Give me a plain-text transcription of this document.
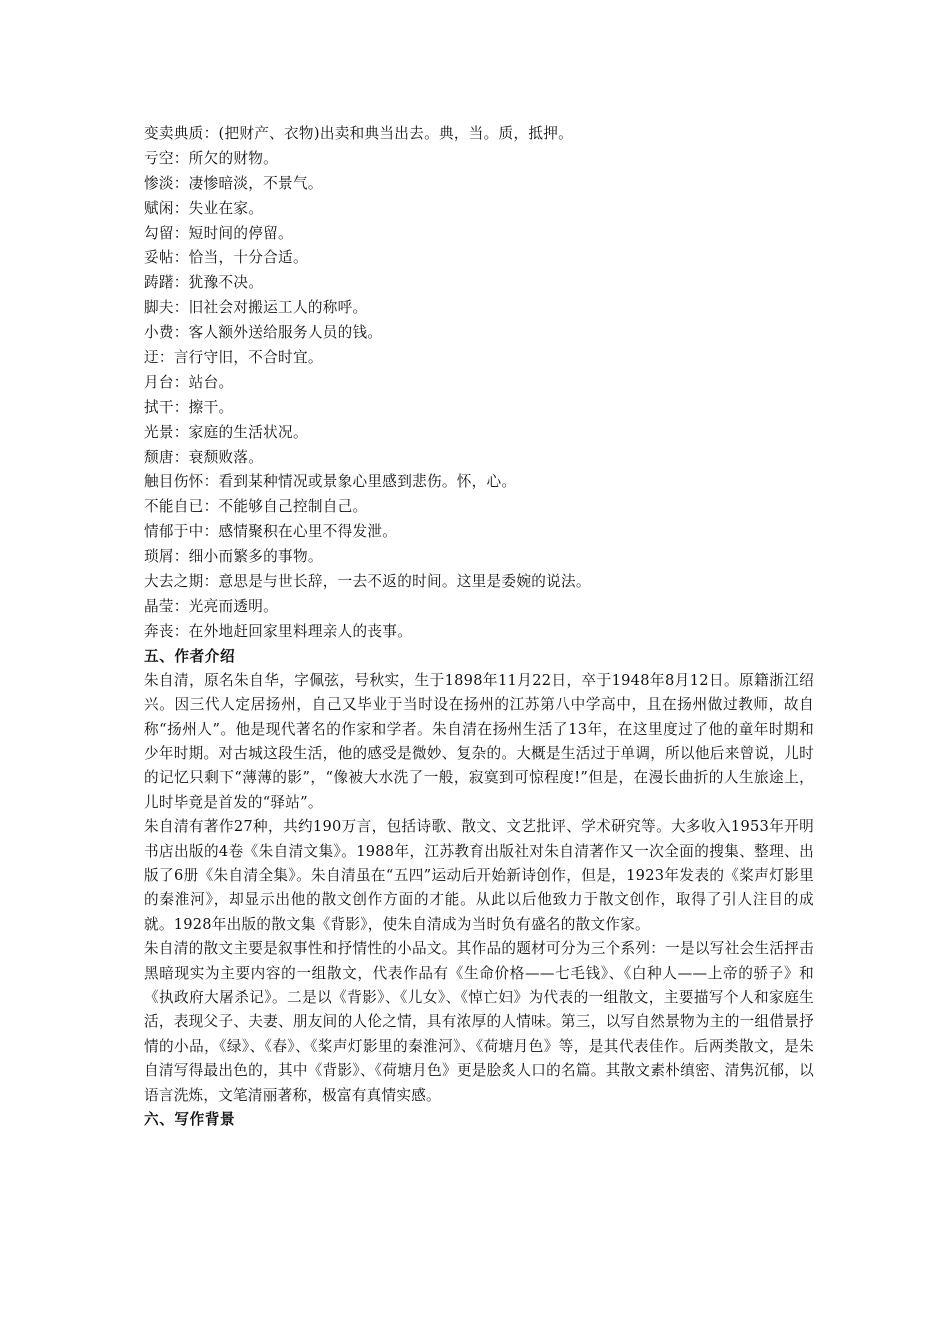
变卖典质：(把财产、衣物)出卖和典当出去。典，当。质，抵押。
亏空：所欠的财物。
惨淡：凄惨暗淡，不景气。
赋闲：失业在家。
勾留：短时间的停留。
妥帖：恰当，十分合适。
踌躇：犹豫不决。
脚夫：旧社会对搬运工人的称呼。
小费：客人额外送给服务人员的钱。
迂：言行守旧，不合时宜。
月台：站台。
拭干：擦干。
光景：家庭的生活状况。
颓唐：衰颓败落。
触目伤怀：看到某种情况或景象心里感到悲伤。怀，心。
不能自已：不能够自己控制自己。
情郁于中：感情聚积在心里不得发泄。
琐屑：细小而繁多的事物。
大去之期：意思是与世长辞，一去不返的时间。这里是委婉的说法。
晶莹：光亮而透明。
奔丧：在外地赶回家里料理亲人的丧事。
五、作者介绍

朱自清，原名朱自华，字佩弦，号秋实，生于1898年11月22日，卒于1948年8月12日。原籍浙江绍兴。因三代人定居扬州，自己又毕业于当时设在扬州的江苏第八中学高中，且在扬州做过教师，故自称“扬州人”。他是现代著名的作家和学者。朱自清在扬州生活了13年，在这里度过了他的童年时期和少年时期。对古城这段生活，他的感受是微妙、复杂的。大概是生活过于单调，所以他后来曾说，儿时的记忆只剩下“薄薄的影”，“像被大水洗了一般，寂寞到可惊程度!”但是，在漫长曲折的人生旅途上，儿时毕竟是首发的“驿站”。

朱自清有著作27种，共约190万言，包括诗歌、散文、文艺批评、学术研究等。大多收入1953年开明书店出版的4卷《朱自清文集》。1988年，江苏教育出版社对朱自清著作又一次全面的搜集、整理、出版了6册《朱自清全集》。朱自清虽在“五四”运动后开始新诗创作，但是，1923年发表的《桨声灯影里的秦淮河》，却显示出他的散文创作方面的才能。从此以后他致力于散文创作，取得了引人注目的成就。1928年出版的散文集《背影》，使朱自清成为当时负有盛名的散文作家。

朱自清的散文主要是叙事性和抒情性的小品文。其作品的题材可分为三个系列：一是以写社会生活抨击黑暗现实为主要内容的一组散文，代表作品有《生命价格——七毛钱》、《白种人——上帝的骄子》和《执政府大屠杀记》。二是以《背影》、《儿女》、《悼亡妇》为代表的一组散文，主要描写个人和家庭生活，表现父子、夫妻、朋友间的人伦之情，具有浓厚的人情味。第三，以写自然景物为主的一组借景抒情的小品，《绿》、《春》、《桨声灯影里的秦淮河》、《荷塘月色》等，是其代表佳作。后两类散文，是朱自清写得最出色的，其中《背影》、《荷塘月色》更是脍炙人口的名篇。其散文素朴缜密、清隽沉郁，以语言洗炼，文笔清丽著称，极富有真情实感。

六、写作背景
